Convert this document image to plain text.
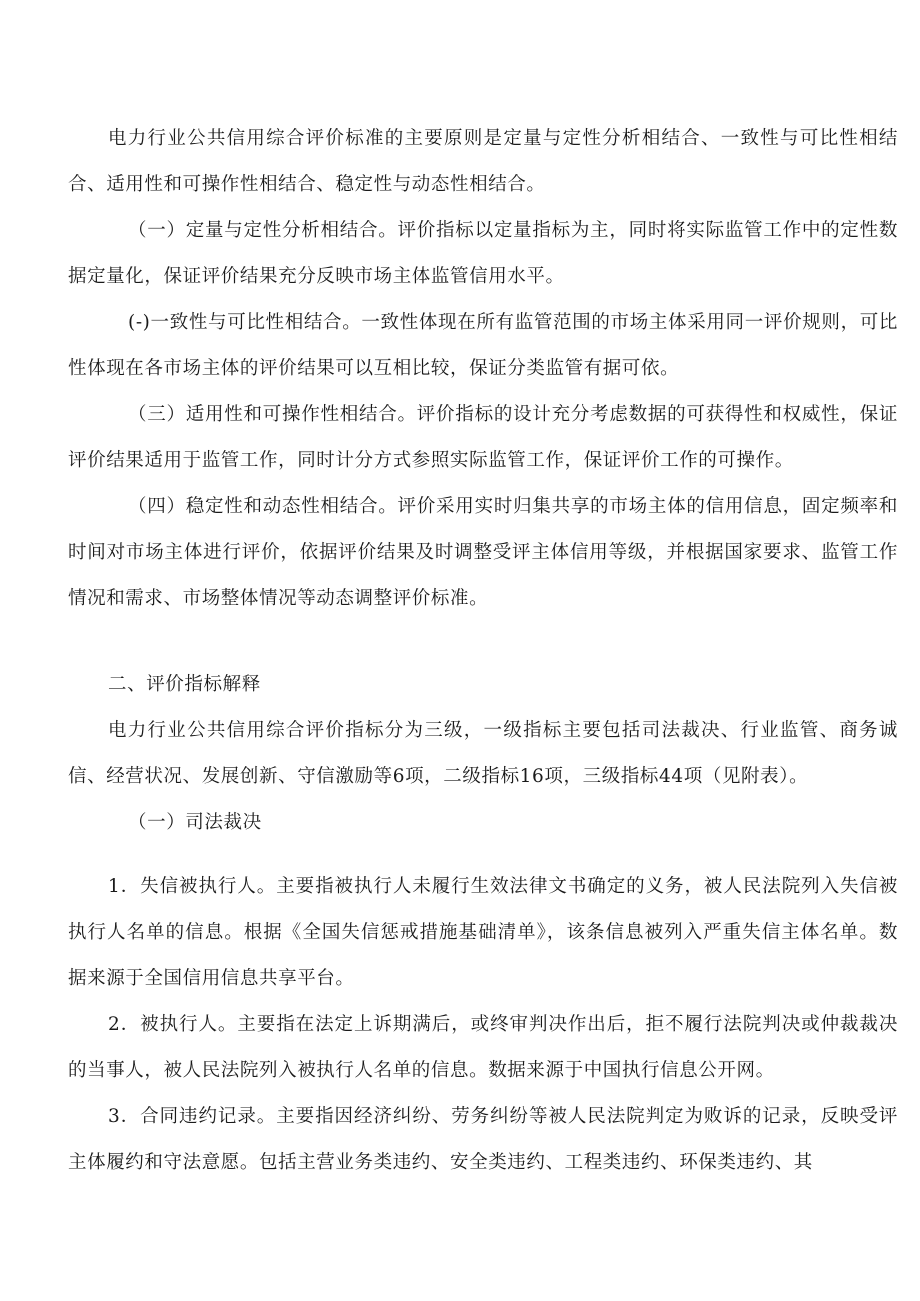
电力行业公共信用综合评价标准的主要原则是定量与定性分析相结合、一致性与可比性相结合、适用性和可操作性相结合、稳定性与动态性相结合。

（一）定量与定性分析相结合。评价指标以定量指标为主，同时将实际监管工作中的定性数据定量化，保证评价结果充分反映市场主体监管信用水平。

(-)一致性与可比性相结合。一致性体现在所有监管范围的市场主体采用同一评价规则，可比性体现在各市场主体的评价结果可以互相比较，保证分类监管有据可依。

（三）适用性和可操作性相结合。评价指标的设计充分考虑数据的可获得性和权威性，保证评价结果适用于监管工作，同时计分方式参照实际监管工作，保证评价工作的可操作。

（四）稳定性和动态性相结合。评价采用实时归集共享的市场主体的信用信息，固定频率和时间对市场主体进行评价，依据评价结果及时调整受评主体信用等级，并根据国家要求、监管工作情况和需求、市场整体情况等动态调整评价标准。

二、评价指标解释

电力行业公共信用综合评价指标分为三级，一级指标主要包括司法裁决、行业监管、商务诚信、经营状况、发展创新、守信激励等6项，二级指标16项，三级指标44项（见附表）。

（一）司法裁决

1．失信被执行人。主要指被执行人未履行生效法律文书确定的义务，被人民法院列入失信被执行人名单的信息。根据《全国失信惩戒措施基础清单》，该条信息被列入严重失信主体名单。数据来源于全国信用信息共享平台。

2．被执行人。主要指在法定上诉期满后，或终审判决作出后，拒不履行法院判决或仲裁裁决的当事人，被人民法院列入被执行人名单的信息。数据来源于中国执行信息公开网。

3．合同违约记录。主要指因经济纠纷、劳务纠纷等被人民法院判定为败诉的记录，反映受评主体履约和守法意愿。包括主营业务类违约、安全类违约、工程类违约、环保类违约、其
